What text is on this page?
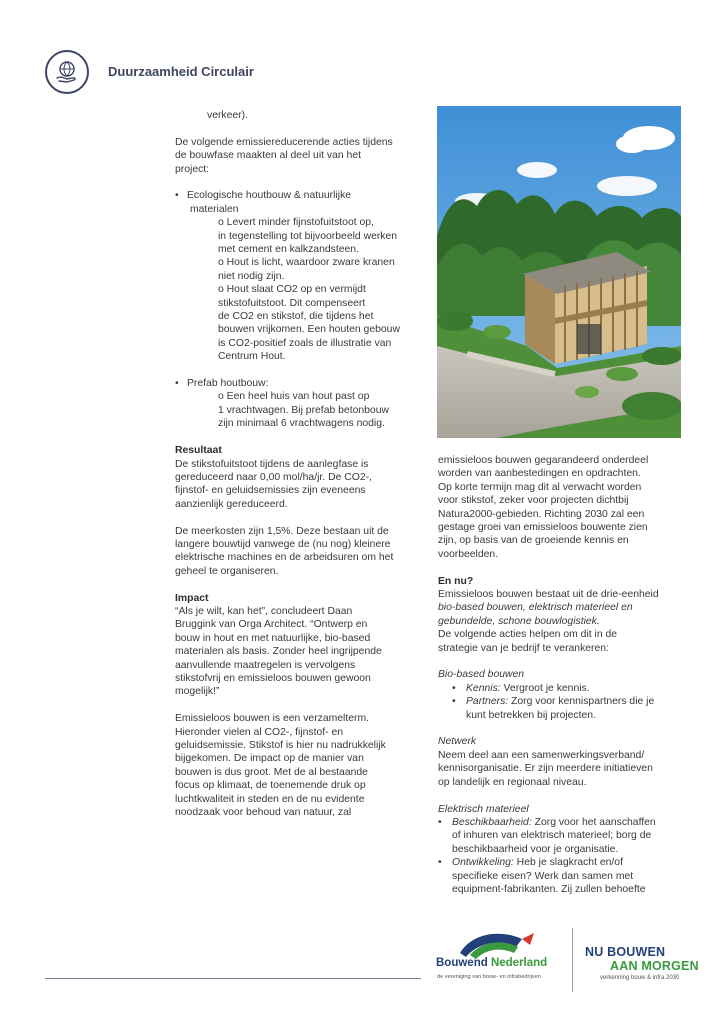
Duurzaamheid Circulair

verkeer).

De volgende emissiereducerende acties tijdens

de bouwfase maakten al deel uit van het

project:

• Ecologische houtbouw & natuurlijke

materialen

o Levert minder fijnstofuitstoot op,

in tegenstelling tot bijvoorbeeld werken

met cement en kalkzandsteen.

o Hout is licht, waardoor zware kranen

niet nodig zijn.

o Hout slaat CO2 op en vermijdt

stikstofuitstoot. Dit compenseert

de CO2 en stikstof, die tijdens het

bouwen vrijkomen. Een houten gebouw

is CO2-positief zoals de illustratie van

Centrum Hout.

• Prefab houtbouw:

o Een heel huis van hout past op

1 vrachtwagen. Bij prefab betonbouw

zijn minimaal 6 vrachtwagens nodig.

Resultaat

De stikstofuitstoot tijdens de aanlegfase is

gereduceerd naar 0,00 mol/ha/jr. De CO2-,

fijnstof- en geluidsemissies zijn eveneens

aanzienlijk gereduceerd.

De meerkosten zijn 1,5%. Deze bestaan uit de

langere bouwtijd vanwege de (nu nog) kleinere

elektrische machines en de arbeidsuren om het

geheel te organiseren.

Impact

“Als je wilt, kan het”, concludeert Daan

Bruggink van Orga Architect. “Ontwerp en

bouw in hout en met natuurlijke, bio-based

materialen als basis. Zonder heel ingrijpende

aanvullende maatregelen is vervolgens

stikstofvrij en emissieloos bouwen gewoon

mogelijk!”

Emissieloos bouwen is een verzamelterm.

Hieronder vielen al CO2-, fijnstof- en

geluidsemissie. Stikstof is hier nu nadrukkelijk

bijgekomen. De impact op de manier van

bouwen is dus groot. Met de al bestaande

focus op klimaat, de toenemende druk op

luchtkwaliteit in steden en de nu evidente

noodzaak voor behoud van natuur, zal

emissieloos bouwen gegarandeerd onderdeel

worden van aanbestedingen en opdrachten.

Op korte termijn mag dit al verwacht worden

voor stikstof, zeker voor projecten dichtbij

Natura2000-gebieden. Richting 2030 zal een

gestage groei van emissieloos bouwente zien

zijn, op basis van de groeiende kennis en

voorbeelden.

En nu?

Emissieloos bouwen bestaat uit de drie-eenheid

bio-based bouwen, elektrisch materieel en

gebundelde, schone bouwlogistiek.

De volgende acties helpen om dit in de

strategie van je bedrijf te verankeren:

Bio-based bouwen

• Kennis: Vergroot je kennis.

• Partners: Zorg voor kennispartners die je

kunt betrekken bij projecten.

Netwerk

Neem deel aan een samenwerkingsverband/

kennisorganisatie. Er zijn meerdere initiatieven

op landelijk en regionaal niveau.

Elektrisch materieel

• Beschikbaarheid: Zorg voor het aanschaffen

of inhuren van elektrisch materieel; borg de

beschikbaarheid voor je organisatie.

• Ontwikkeling: Heb je slagkracht en/of

specifieke eisen? Werk dan samen met

equipment-fabrikanten. Zij zullen behoefte

Bouwend Nederland
de vereniging van bouw- en infrabedrijven
NU BOUWEN
AAN MORGEN
verkenning bouw & infra 2030
